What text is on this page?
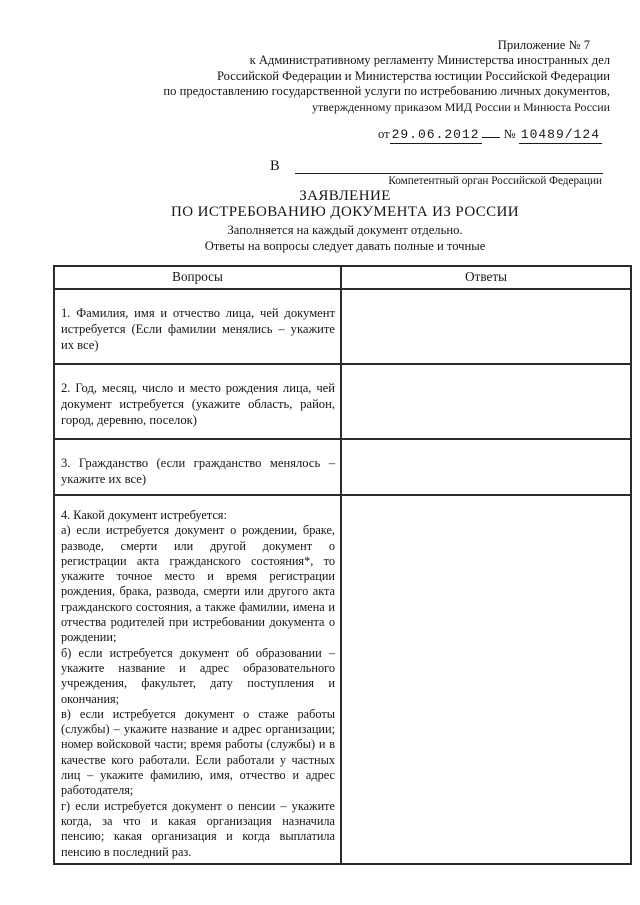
Приложение № 7
к Административному регламенту Министерства иностранных дел
Российской Федерации и Министерства юстиции Российской Федерации
по предоставлению государственной услуги по истребованию личных документов,
утвержденному приказом МИД России и Минюста России
от 29.06.2012 № 10489/124
В
Компетентный орган Российской Федерации
ЗАЯВЛЕНИЕ
ПО ИСТРЕБОВАНИЮ ДОКУМЕНТА ИЗ РОССИИ
Заполняется на каждый документ отдельно.
Ответы на вопросы следует давать полные и точные
Вопросы	Ответы
1. Фамилия, имя и отчество лица, чей документ истребуется (Если фамилии менялись – укажите их все)	
2. Год, месяц, число и место рождения лица, чей документ истребуется (укажите область, район, город, деревню, поселок)	
3. Гражданство (если гражданство менялось – укажите их все)	

4. Какой документ истребуется:
а) если истребуется документ о рождении, браке, разводе, смерти или другой документ о регистрации акта гражданского состояния*, то укажите точное место и время регистрации рождения, брака, развода, смерти или другого акта гражданского состояния, а также фамилии, имена и отчества родителей при истребовании документа о рождении;
б) если истребуется документ об образовании – укажите название и адрес образовательного учреждения, факультет, дату поступления и окончания;
в) если истребуется документ о стаже работы (службы) – укажите название и адрес организации; номер войсковой части; время работы (службы) и в качестве кого работали. Если работали у частных лиц – укажите фамилию, имя, отчество и адрес работодателя;
г) если истребуется документ о пенсии – укажите когда, за что и какая организация назначила пенсию; какая организация и когда выплатила пенсию в последний раз.	
